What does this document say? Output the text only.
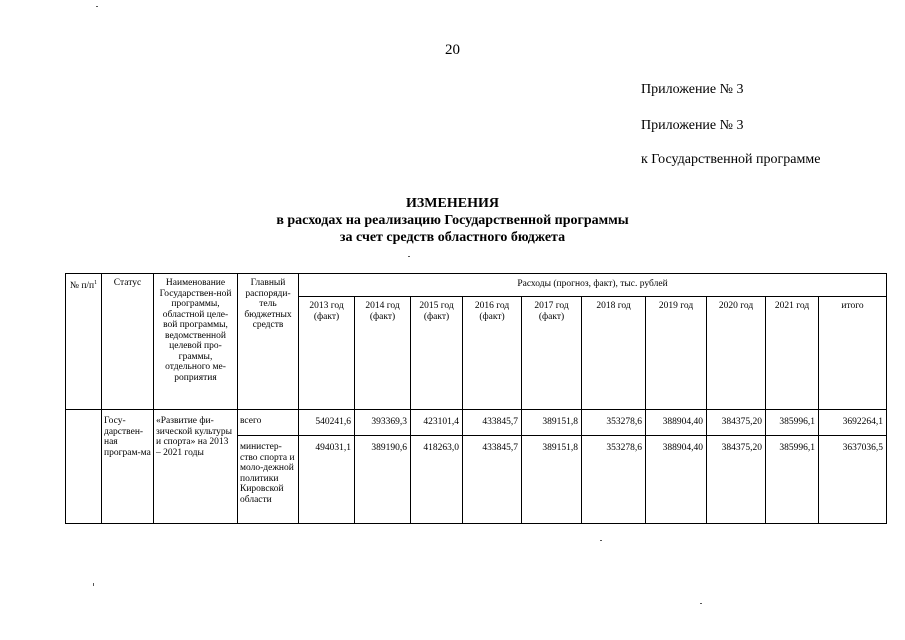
20
Приложение № 3
Приложение № 3
к Государственной программе
ИЗМЕНЕНИЯ
в расходах на реализацию Государственной программы
за счет средств областного бюджета
№ $п/п^1$	Статус	Наименование Государствен-ной программы, областной целе-вой программы, ведомственной целевой про-граммы, отдельного ме-роприятия	Главный распоряди-тель бюджетных средств	Расходы (прогноз, факт), тыс. рублей									
				2013 год (факт)	2014 год (факт)	2015 год (факт)	2016 год (факт)	2017 год (факт)	2018 год	2019 год	2020 год	2021 год	итого
	Госу-дарствен-ная програм-ма	«Развитие фи-зической культуры и спорта» на 2013 – 2021 годы	всего	540241,6	393369,3	423101,4	433845,7	389151,8	353278,6	388904,40	384375,20	385996,1	3692264,1
			министер-ство спорта и моло-дежной политики Кировской области	494031,1	389190,6	418263,0	433845,7	389151,8	353278,6	388904,40	384375,20	385996,1	3637036,5
